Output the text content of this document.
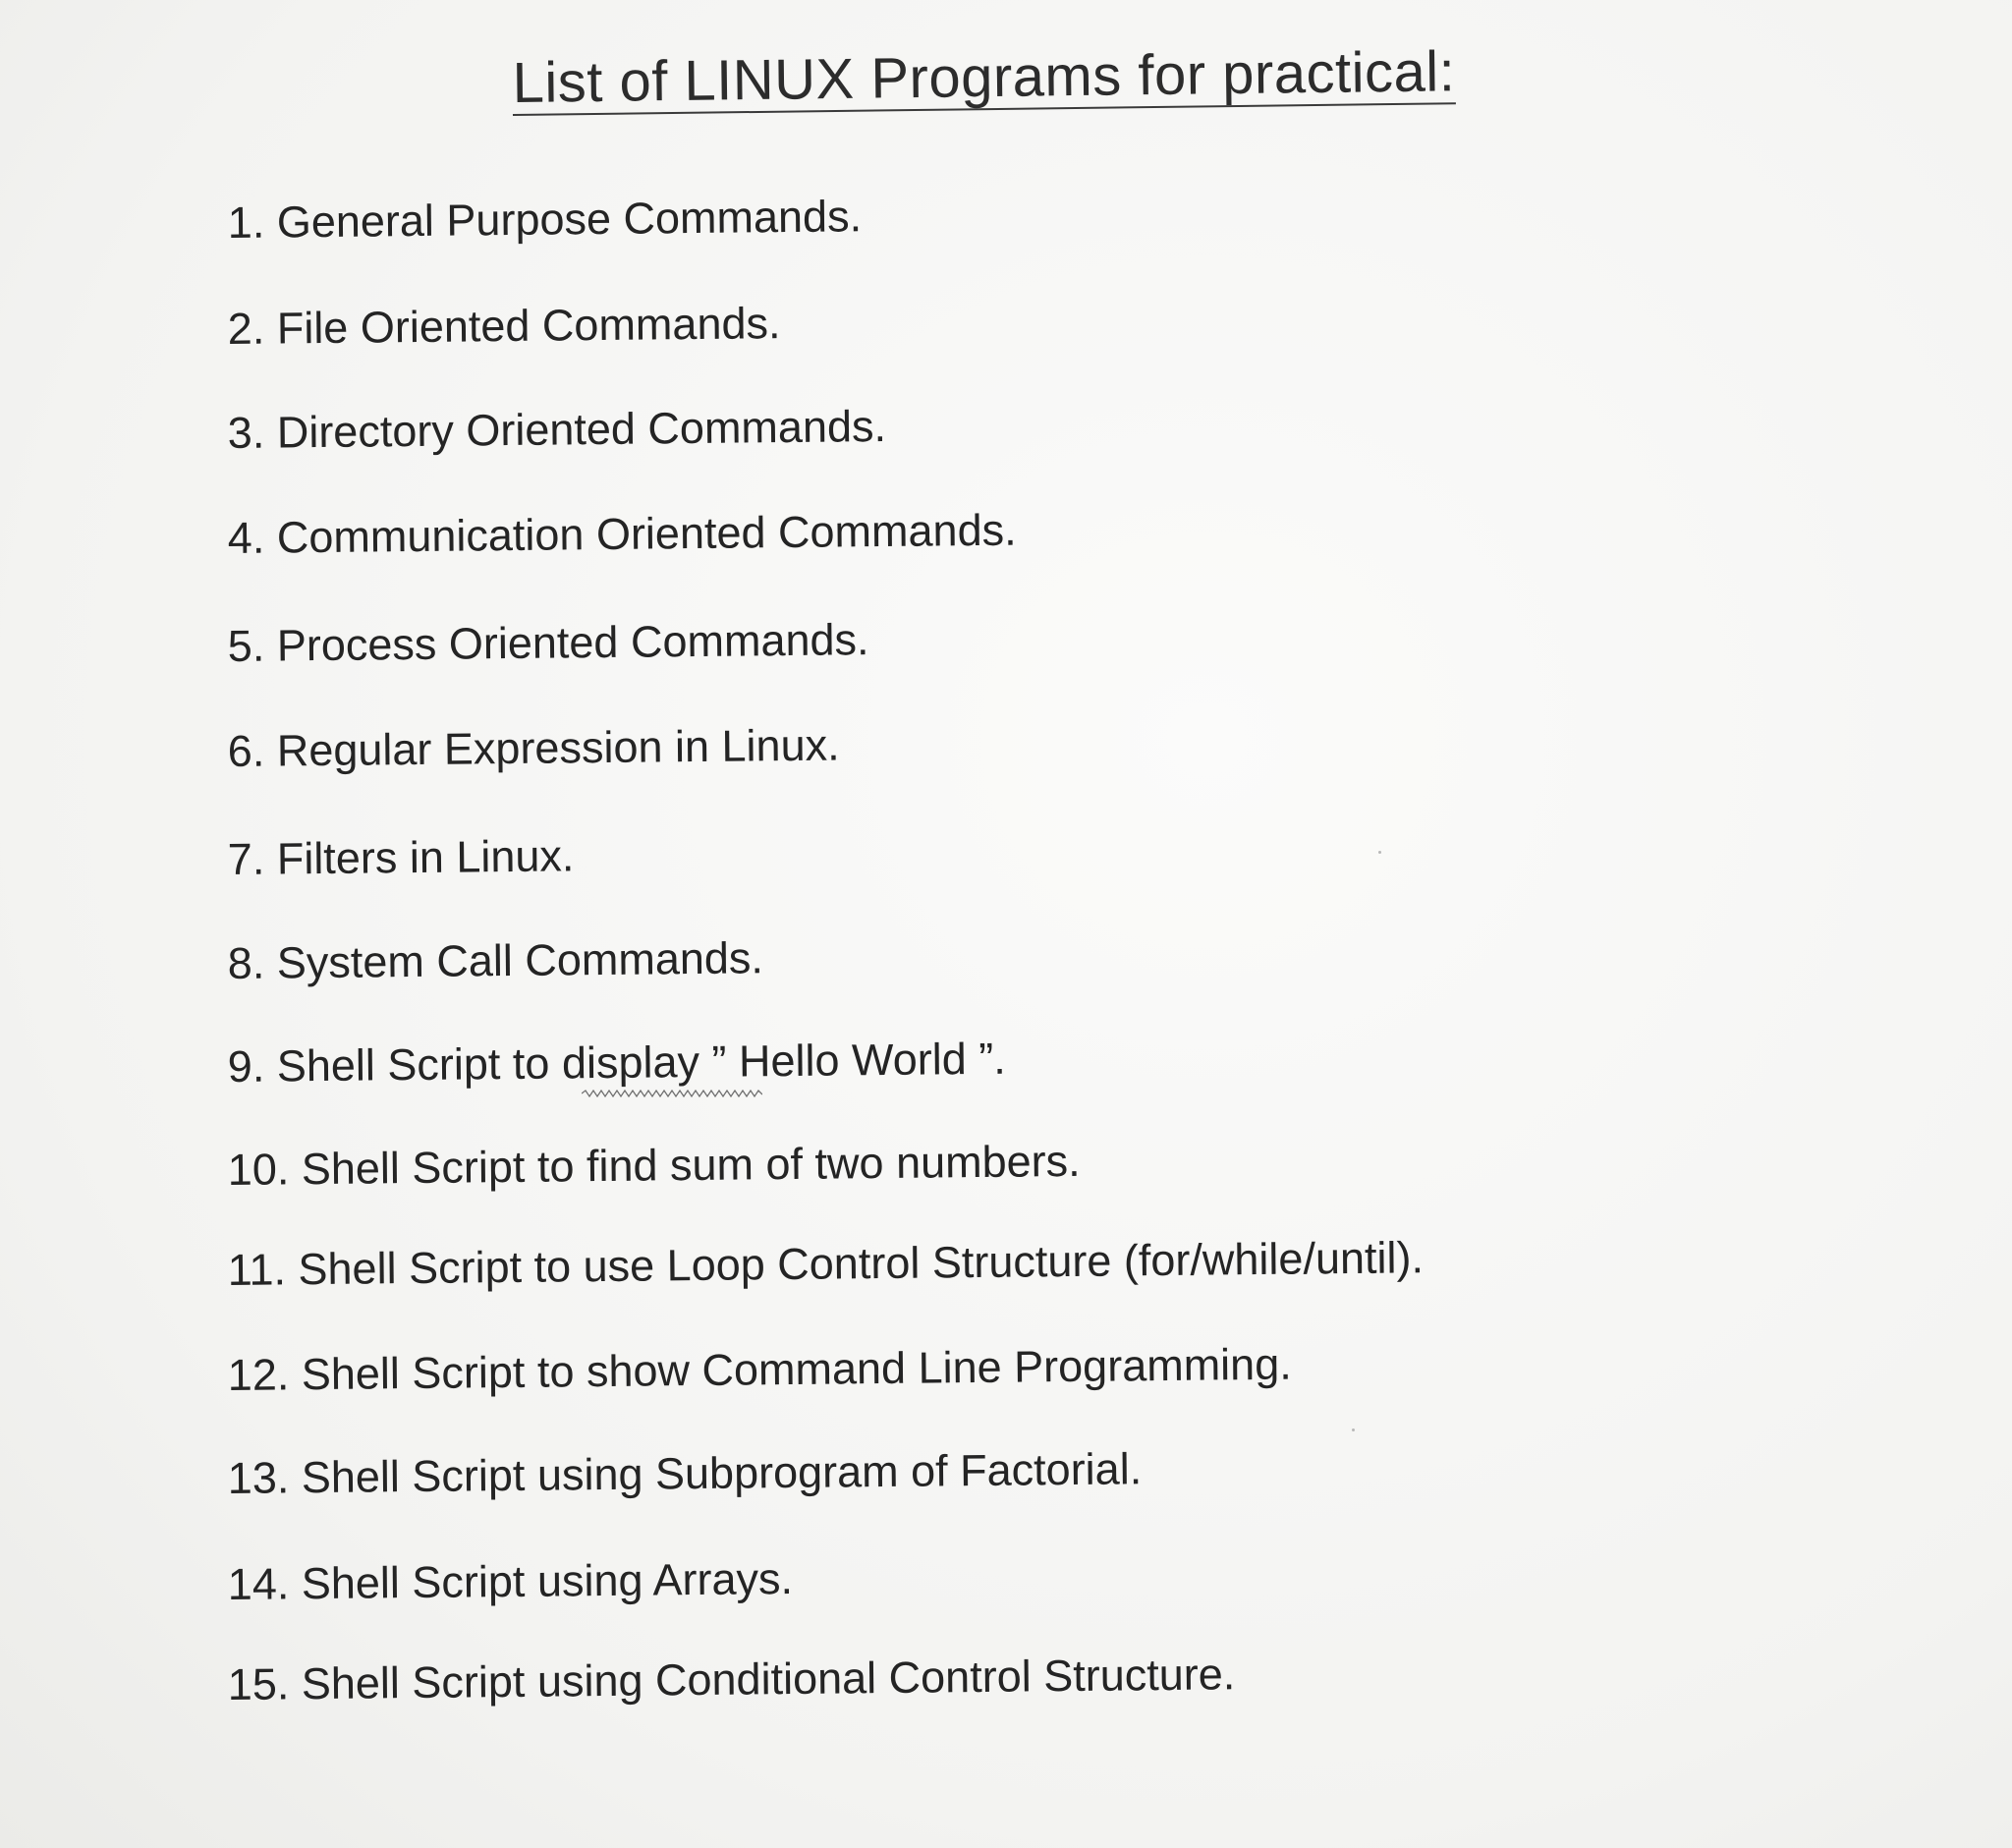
List of LINUX Programs for practical:
1. General Purpose Commands.
2. File Oriented Commands.
3. Directory Oriented Commands.
4. Communication Oriented Commands.
5. Process Oriented Commands.
6. Regular Expression in Linux.
7. Filters in Linux.
8. System Call Commands.
9. Shell Script to display ” Hello World ”.
10. Shell Script to find sum of two numbers.
11. Shell Script to use Loop Control Structure (for/while/until).
12. Shell Script to show Command Line Programming.
13. Shell Script using Subprogram of Factorial.
14. Shell Script using Arrays.
15. Shell Script using Conditional Control Structure.
